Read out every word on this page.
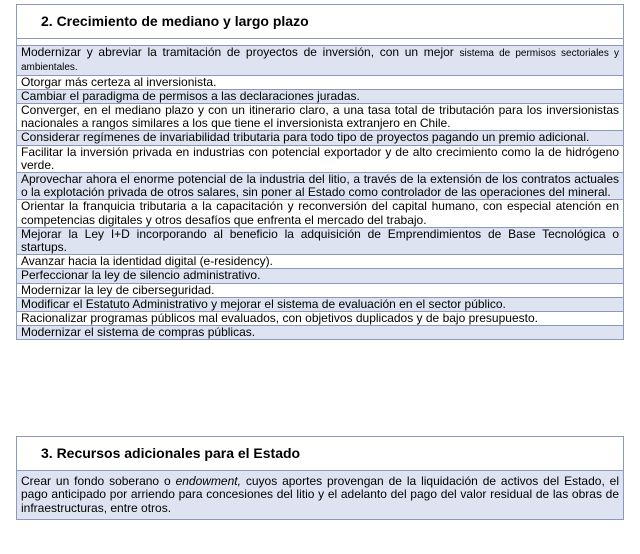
2. Crecimiento de mediano y largo plazo

Modernizar y abreviar la tramitación de proyectos de inversión, con un mejor sistema de permisos sectoriales y ambientales.
Otorgar más certeza al inversionista.
Cambiar el paradigma de permisos a las declaraciones juradas.
Converger, en el mediano plazo y con un itinerario claro, a una tasa total de tributación para los inversionistas nacionales a rangos similares a los que tiene el inversionista extranjero en Chile.
Considerar regímenes de invariabilidad tributaria para todo tipo de proyectos pagando un premio adicional.
Facilitar la inversión privada en industrias con potencial exportador y de alto crecimiento como la de hidrógeno verde.
Aprovechar ahora el enorme potencial de la industria del litio, a través de la extensión de los contratos actuales o la explotación privada de otros salares, sin poner al Estado como controlador de las operaciones del mineral.
Orientar la franquicia tributaria a la capacitación y reconversión del capital humano, con especial atención en competencias digitales y otros desafíos que enfrenta el mercado del trabajo.
Mejorar la Ley I+D incorporando al beneficio la adquisición de Emprendimientos de Base Tecnológica o startups.
Avanzar hacia la identidad digital (e-residency).
Perfeccionar la ley de silencio administrativo.
Modernizar la ley de ciberseguridad.
Modificar el Estatuto Administrativo y mejorar el sistema de evaluación en el sector público.
Racionalizar programas públicos mal evaluados, con objetivos duplicados y de bajo presupuesto.
Modernizar el sistema de compras públicas.
3. Recursos adicionales para el Estado
Crear un fondo soberano o endowment, cuyos aportes provengan de la liquidación de activos del Estado, el pago anticipado por arriendo para concesiones del litio y el adelanto del pago del valor residual de las obras de infraestructuras, entre otros.
